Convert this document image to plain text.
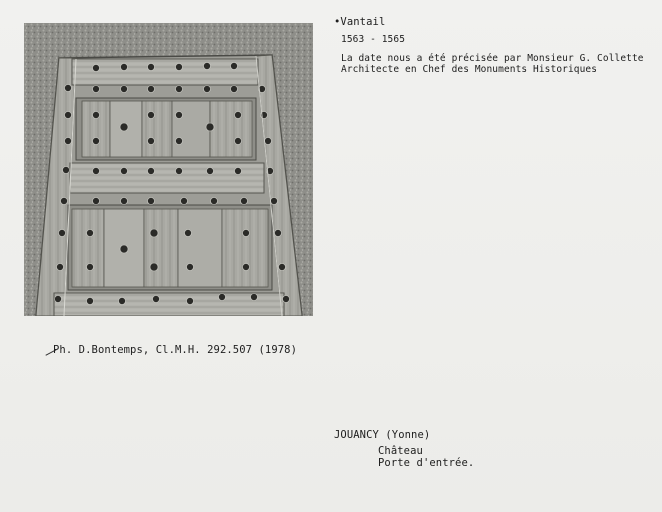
•Vantail
1563 - 1565
La date nous a été précisée par Monsieur G. Collette
Architecte en Chef des Monuments Historiques
Ph. D.Bontemps, Cl.M.H. 292.507 (1978)
JOUANCY (Yonne)
Château
Porte d'entrée.
